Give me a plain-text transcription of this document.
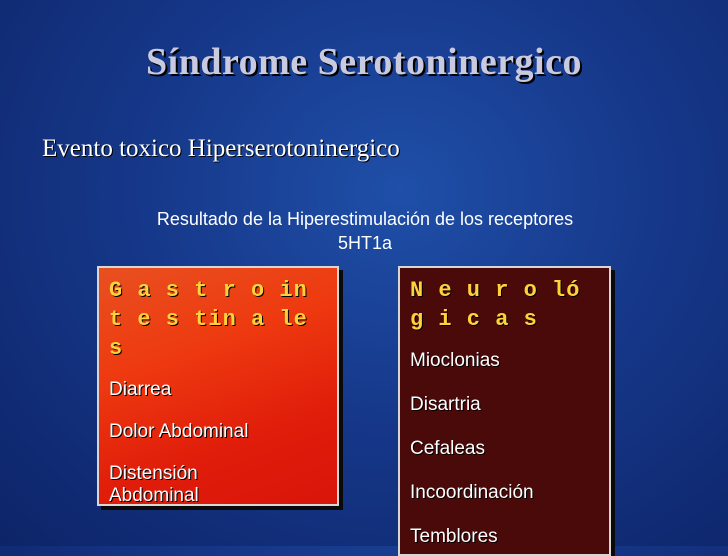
Síndrome Serotoninergico
Evento toxico Hiperserotoninergico
Resultado de la Hiperestimulación de los receptores
5HT1a
G a s t r o in t e s tin a le s
Diarrea
Dolor Abdominal
Distensión Abdominal
N e u r o ló g i c a s
Mioclonias
Disartria
Cefaleas
Incoordinación
Temblores
